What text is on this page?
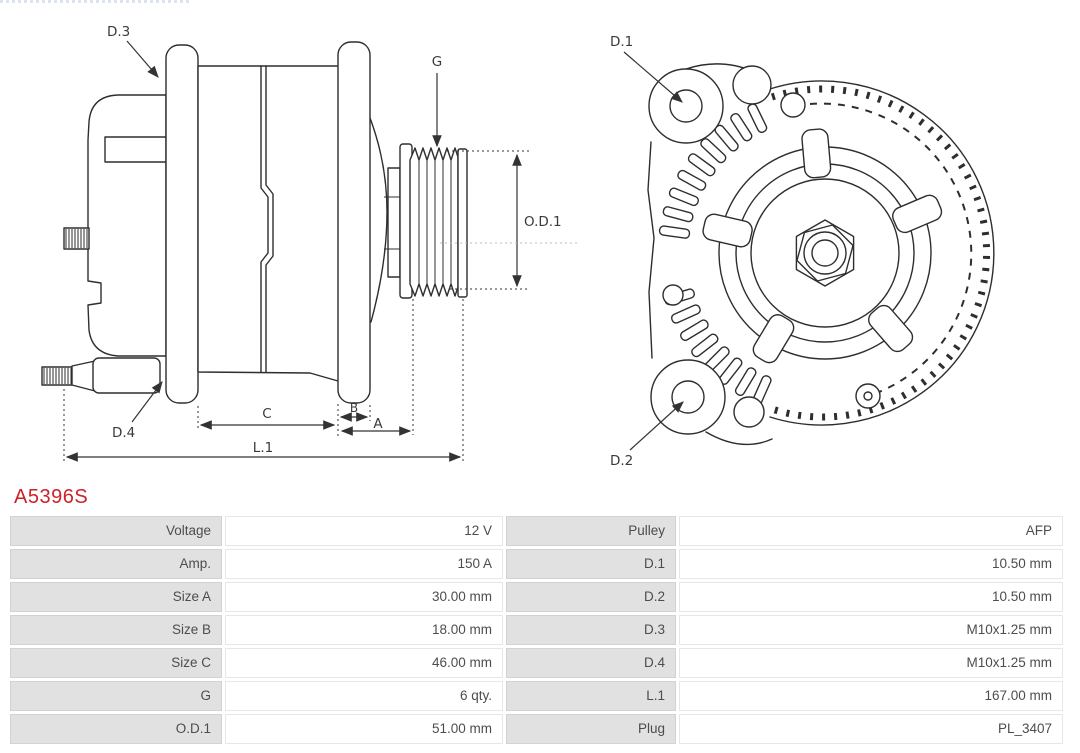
D.3
G
O.D.1
D.4
C	B
A
L.1
D.1
D.2
A5396S
Voltage	12 V	Pulley	AFP
Amp.	150 A	D.1	10.50 mm
Size A	30.00 mm	D.2	10.50 mm
Size B	18.00 mm	D.3	M10x1.25 mm
Size C	46.00 mm	D.4	M10x1.25 mm
G	6 qty.	L.1	167.00 mm
O.D.1	51.00 mm	Plug	PL_3407
